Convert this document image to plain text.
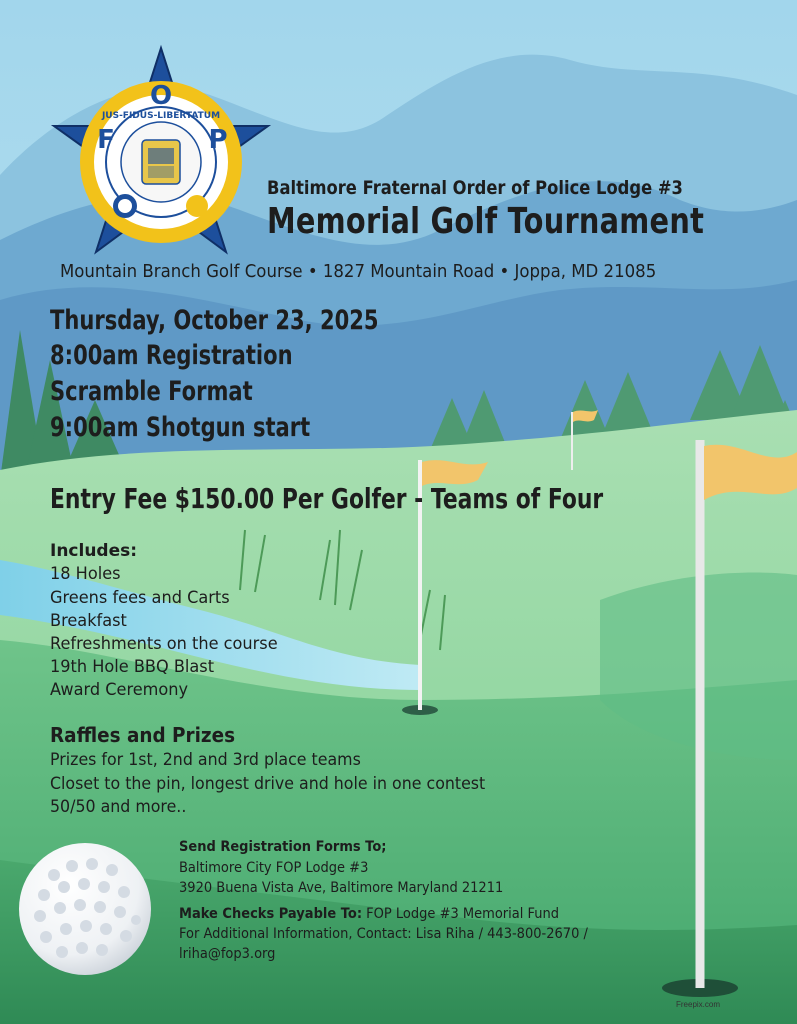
JUS-FIDUS-LIBERTATUM
O
F	P
Baltimore Fraternal Order of Police Lodge #3
Memorial Golf Tournament
Mountain Branch Golf Course • 1827 Mountain Road • Joppa, MD 21085
Thursday, October 23, 2025
8:00am Registration
Scramble Format
9:00am Shotgun start
Entry Fee $150.00 Per Golfer - Teams of Four
Includes:
18 Holes
Greens fees and Carts
Breakfast
Refreshments on the course
19th Hole BBQ Blast
Award Ceremony
Raffles and Prizes
Prizes for 1st, 2nd and 3rd place teams
Closet to the pin, longest drive and hole in one contest
50/50 and more..
Send Registration Forms To;
Baltimore City FOP Lodge #3
3920 Buena Vista Ave, Baltimore Maryland 21211
Make Checks Payable To: FOP Lodge #3 Memorial Fund
For Additional Information, Contact: Lisa Riha / 443-800-2670 /
lriha@fop3.org
Freepix.com
